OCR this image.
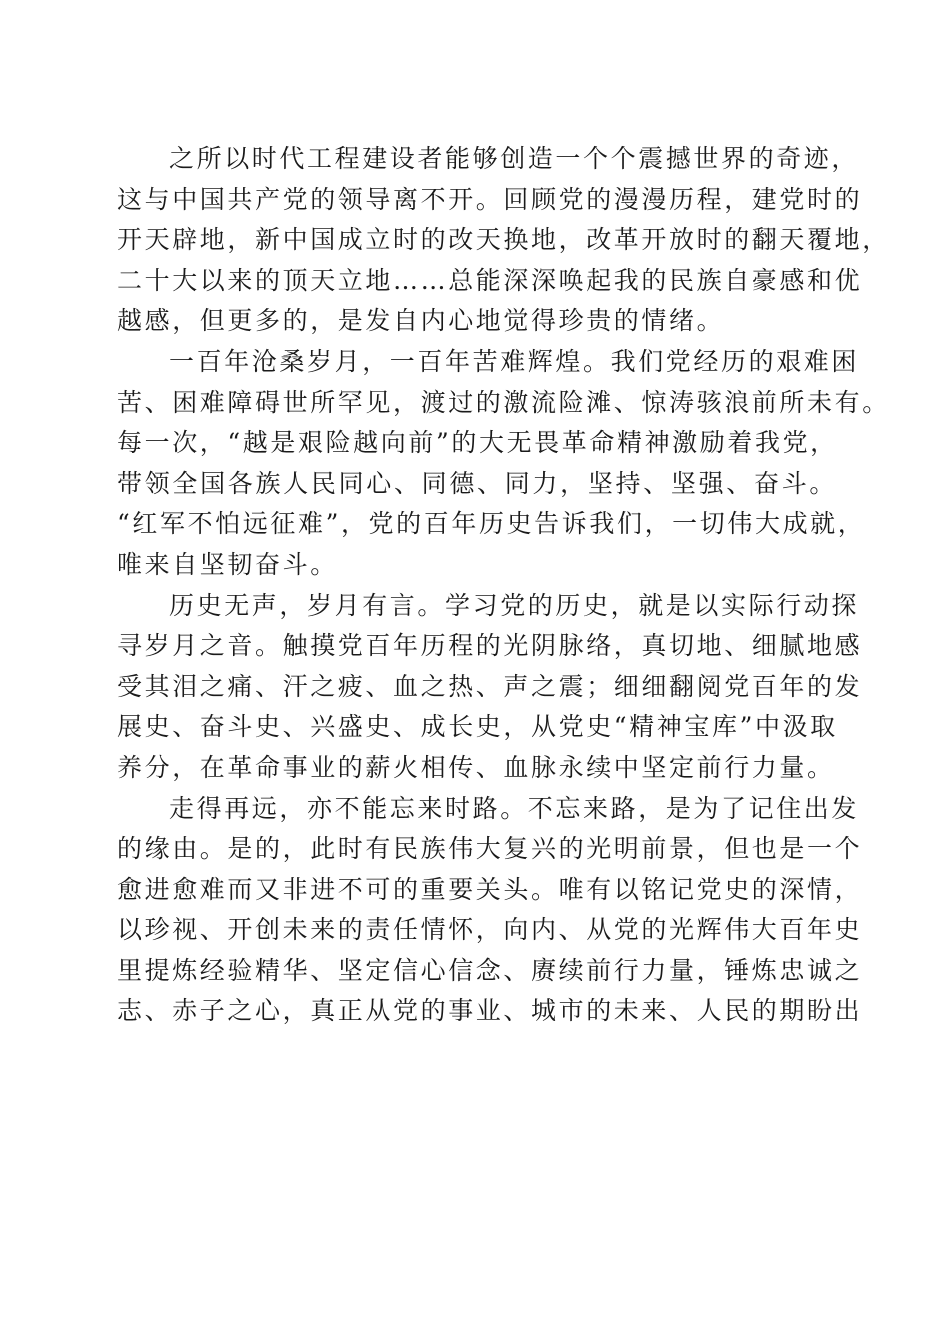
之所以时代工程建设者能够创造一个个震撼世界的奇迹，
这与中国共产党的领导离不开。回顾党的漫漫历程，建党时的
开天辟地，新中国成立时的改天换地，改革开放时的翻天覆地，
二十大以来的顶天立地……总能深深唤起我的民族自豪感和优
越感，但更多的，是发自内心地觉得珍贵的情绪。
一百年沧桑岁月，一百年苦难辉煌。我们党经历的艰难困
苦、困难障碍世所罕见，渡过的激流险滩、惊涛骇浪前所未有。
每一次，“越是艰险越向前”的大无畏革命精神激励着我党，
带领全国各族人民同心、同德、同力，坚持、坚强、奋斗。
“红军不怕远征难”，党的百年历史告诉我们，一切伟大成就，
唯来自坚韧奋斗。
历史无声，岁月有言。学习党的历史，就是以实际行动探
寻岁月之音。触摸党百年历程的光阴脉络，真切地、细腻地感
受其泪之痛、汗之疲、血之热、声之震；细细翻阅党百年的发
展史、奋斗史、兴盛史、成长史，从党史“精神宝库”中汲取
养分，在革命事业的薪火相传、血脉永续中坚定前行力量。
走得再远，亦不能忘来时路。不忘来路，是为了记住出发
的缘由。是的，此时有民族伟大复兴的光明前景，但也是一个
愈进愈难而又非进不可的重要关头。唯有以铭记党史的深情，
以珍视、开创未来的责任情怀，向内、从党的光辉伟大百年史
里提炼经验精华、坚定信心信念、赓续前行力量，锤炼忠诚之
志、赤子之心，真正从党的事业、城市的未来、人民的期盼出
